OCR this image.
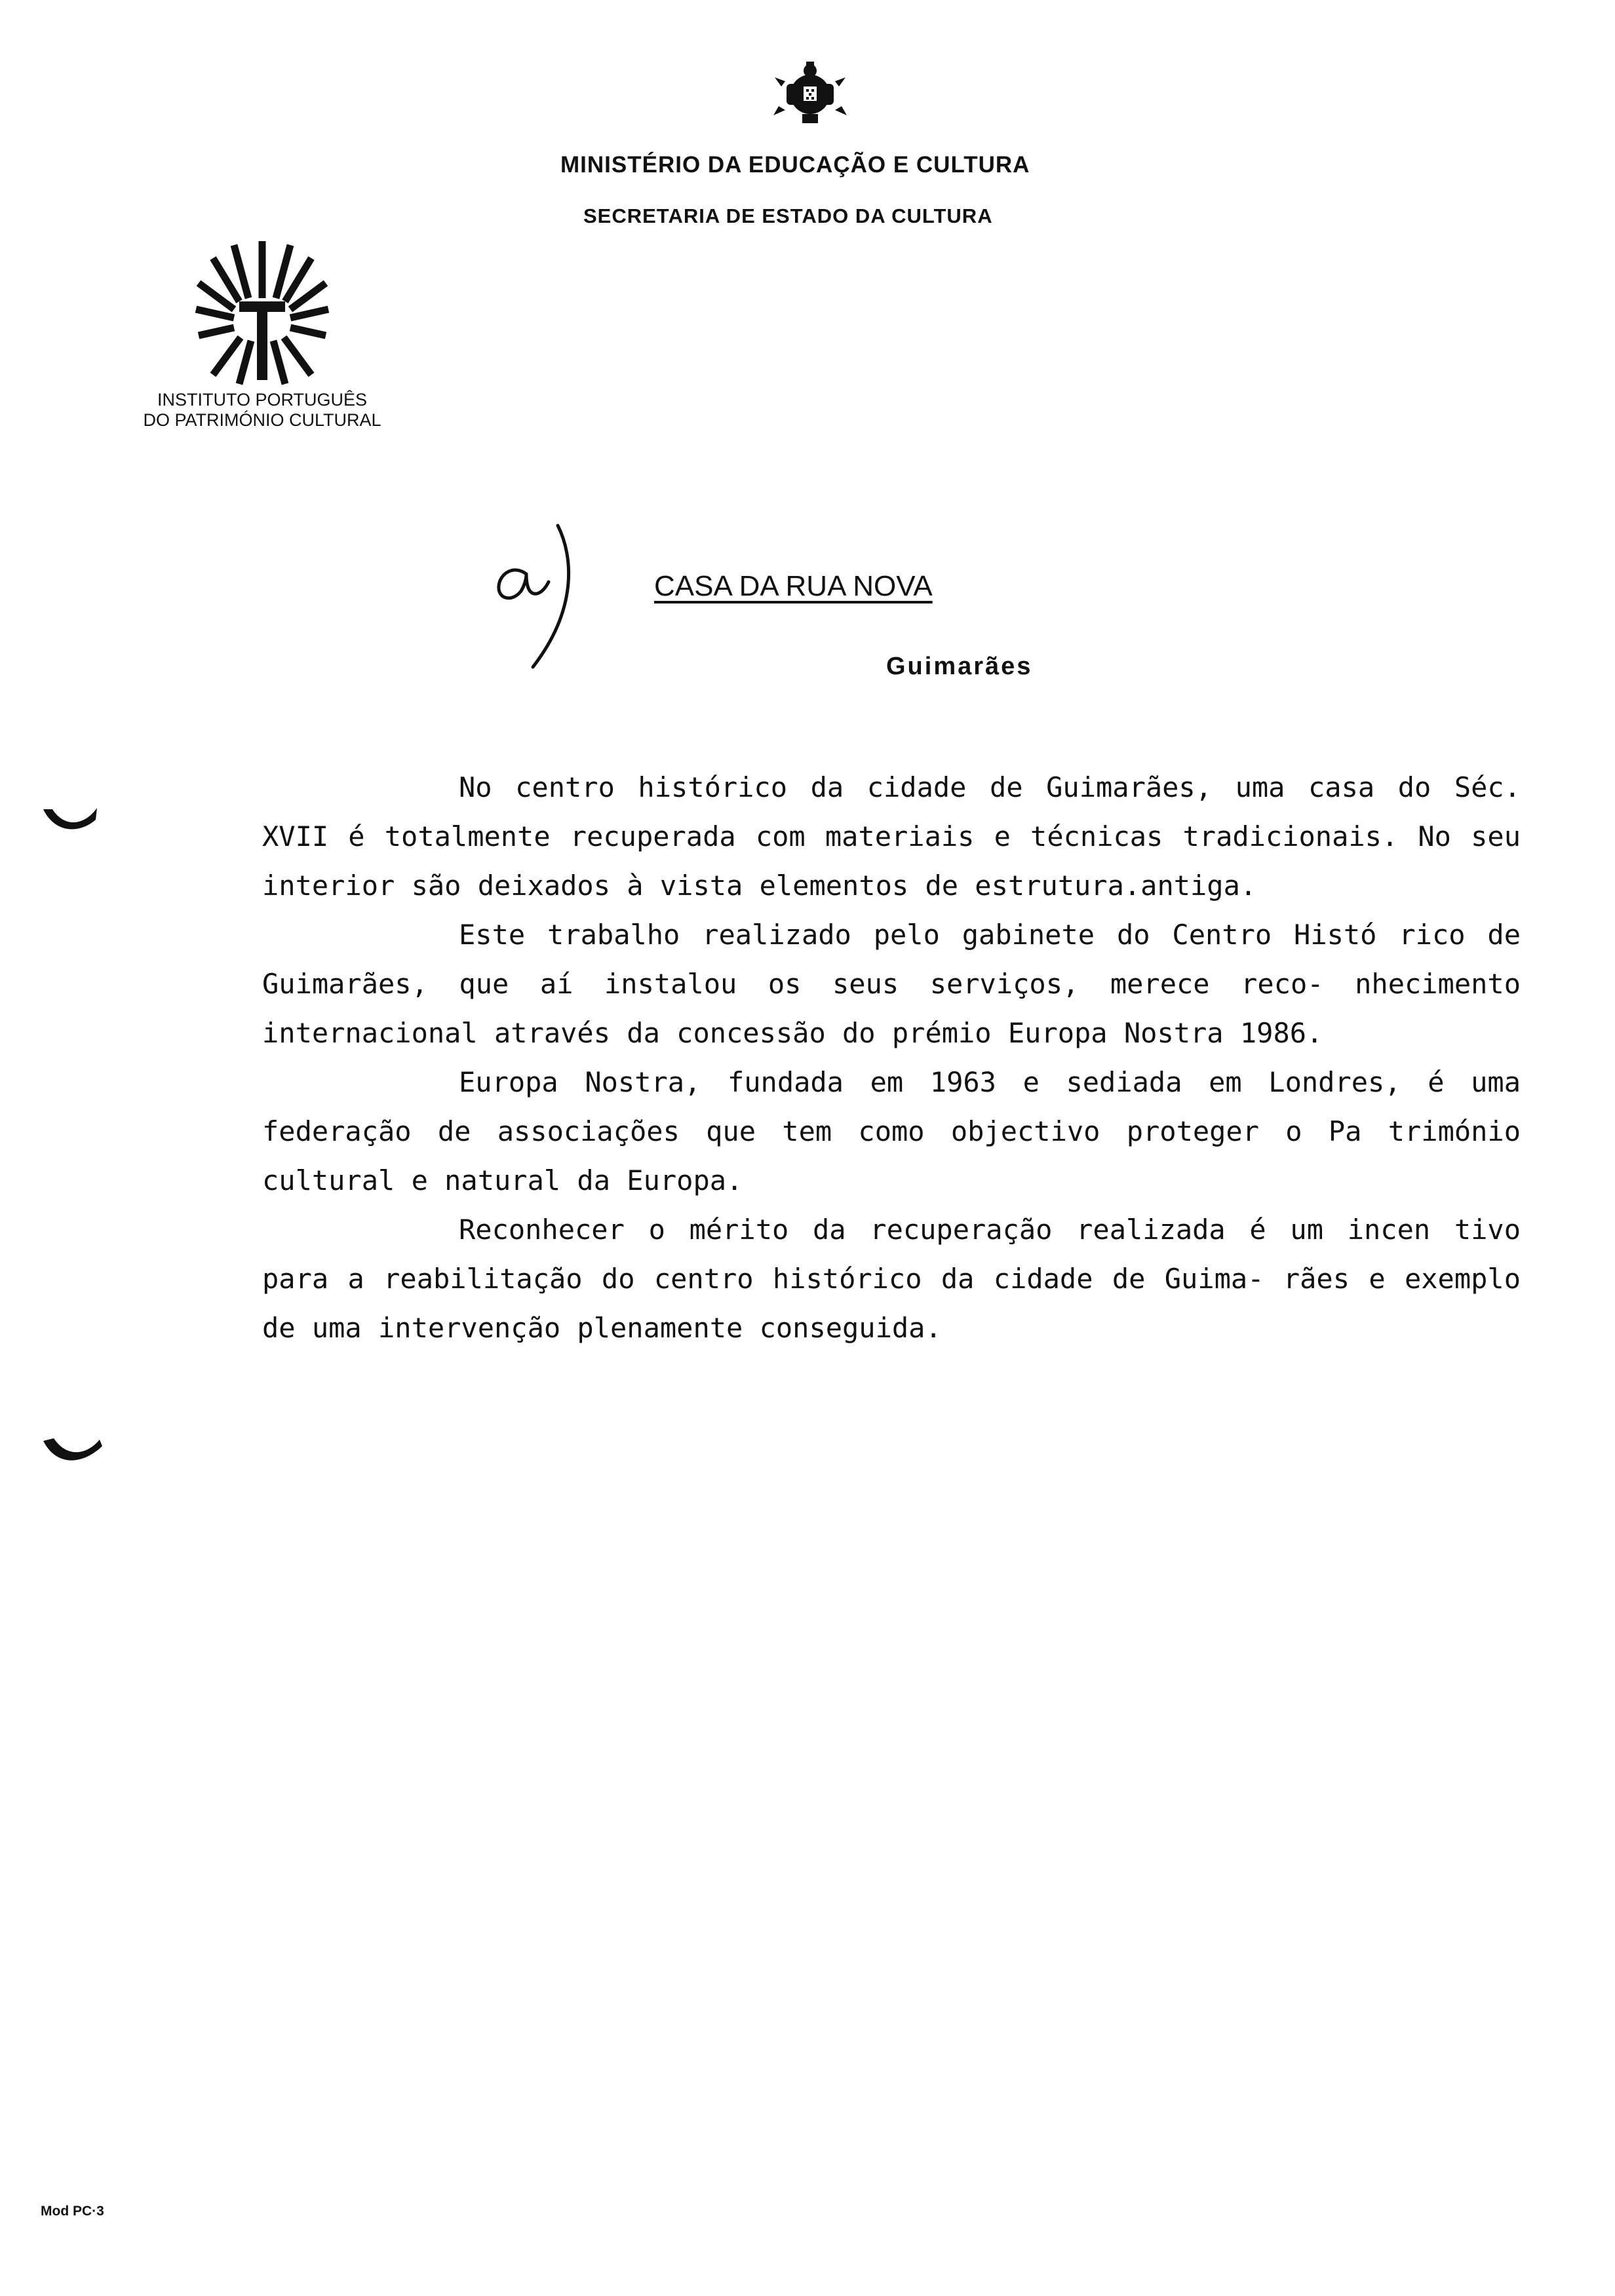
MINISTÉRIO DA EDUCAÇÃO E CULTURA
SECRETARIA DE ESTADO DA CULTURA
INSTITUTO PORTUGUÊS
DO PATRIMÓNIO CULTURAL
CASA DA RUA NOVA
Guimarães

No centro histórico da cidade de Guimarães, uma casa do Séc. XVII é totalmente recuperada com materiais e técnicas tradicionais. No seu interior são deixados à vista elementos de estrutura.antiga.

Este trabalho realizado pelo gabinete do Centro Histó rico de Guimarães, que aí instalou os seus serviços, merece reco- nhecimento internacional através da concessão do prémio Europa Nostra 1986.

Europa Nostra, fundada em 1963 e sediada em Londres, é uma federação de associações que tem como objectivo proteger o Pa trimónio cultural e natural da Europa.

Reconhecer o mérito da recuperação realizada é um incen tivo para a reabilitação do centro histórico da cidade de Guima- rães e exemplo de uma intervenção plenamente conseguida.

Mod PC·3
